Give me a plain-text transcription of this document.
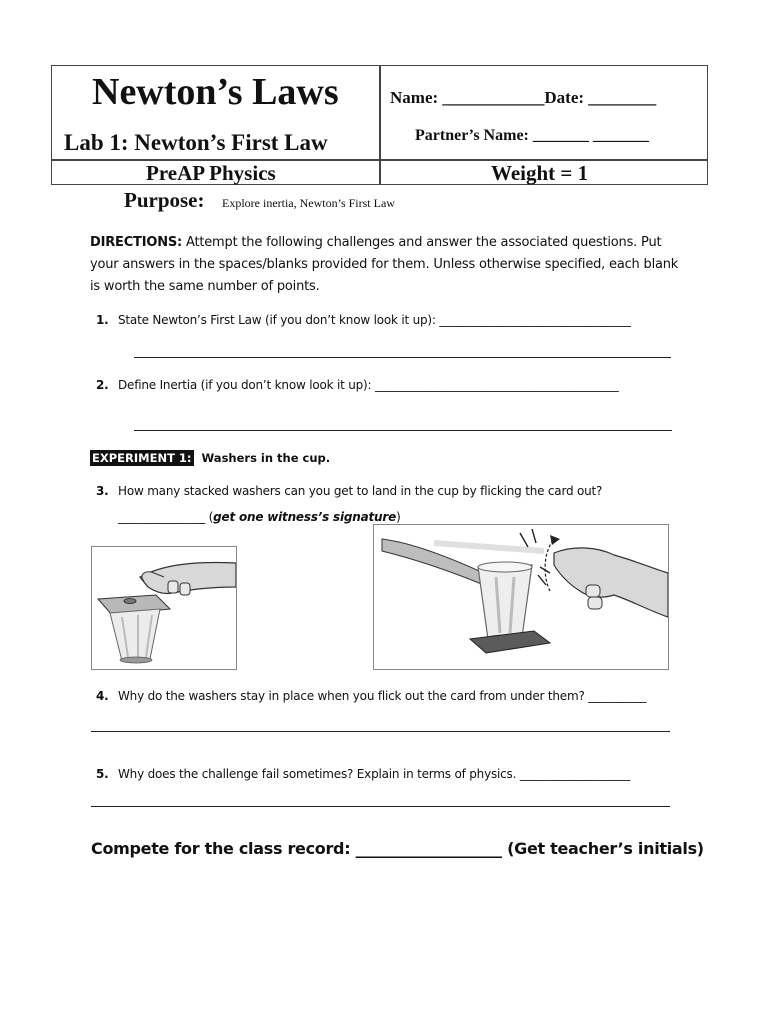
Newton’s Laws
Lab 1: Newton’s First Law
PreAP Physics
Name: ____________Date: ________
Partner’s Name: _______ _______
Weight = 1
Purpose: Explore inertia, Newton’s First Law
DIRECTIONS: Attempt the following challenges and answer the associated questions. Put your answers in the spaces/blanks provided for them. Unless otherwise specified, each blank is worth the same number of points.
1. State Newton’s First Law (if you don’t know look it up): _________________________________
2. Define Inertia (if you don’t know look it up): __________________________________________
EXPERIMENT 1: Washers in the cup.
3. How many stacked washers can you get to land in the cup by flicking the card out?
_______________ (get one witness’s signature)
4. Why do the washers stay in place when you flick out the card from under them? __________
5. Why does the challenge fail sometimes? Explain in terms of physics. ___________________
Compete for the class record: ___________________ (Get teacher’s initials)
